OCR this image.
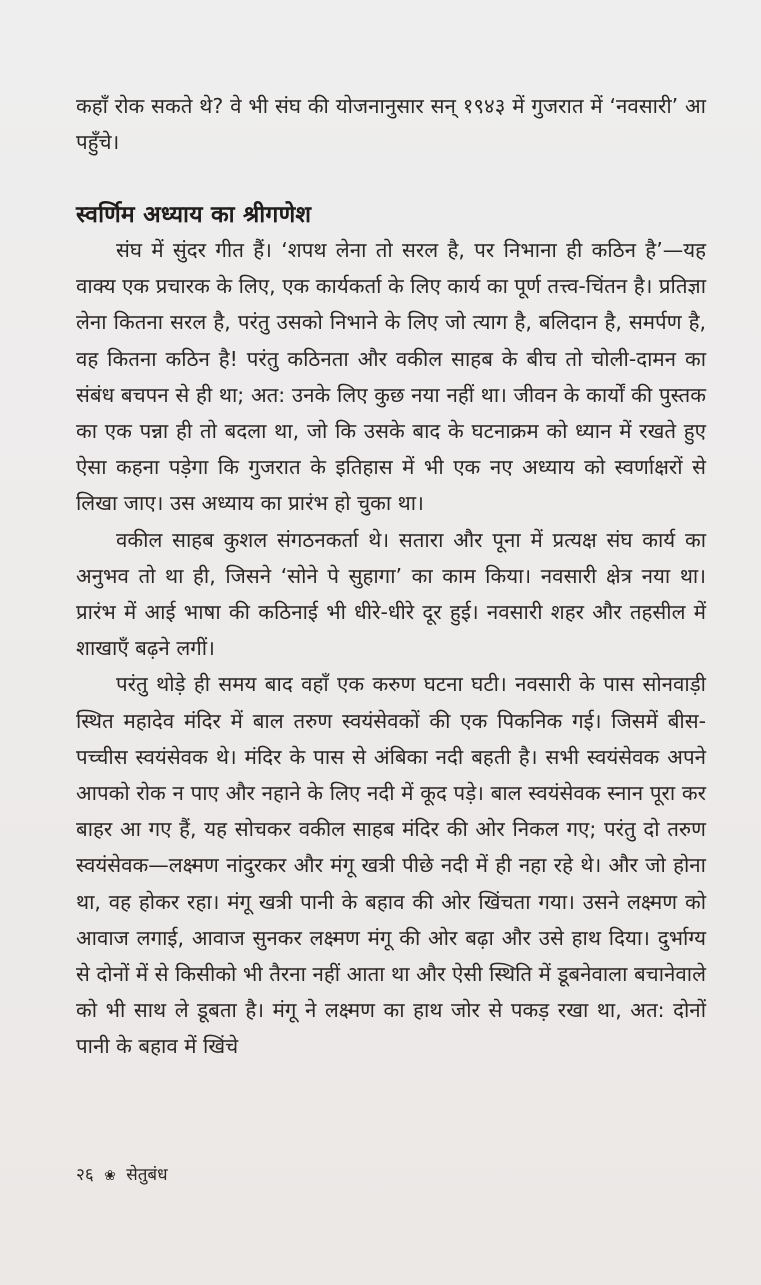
कहाँ रोक सकते थे? वे भी संघ की योजनानुसार सन् १९४३ में गुजरात में ‘नवसारी’ आ पहुँचे।

स्वर्णिम अध्याय का श्रीगणेश

संघ में सुंदर गीत हैं। ‘शपथ लेना तो सरल है, पर निभाना ही कठिन है’—यह वाक्य एक प्रचारक के लिए, एक कार्यकर्ता के लिए कार्य का पूर्ण तत्त्व-चिंतन है। प्रतिज्ञा लेना कितना सरल है, परंतु उसको निभाने के लिए जो त्याग है, बलिदान है, समर्पण है, वह कितना कठिन है! परंतु कठिनता और वकील साहब के बीच तो चोली-दामन का संबंध बचपन से ही था; अत: उनके लिए कुछ नया नहीं था। जीवन के कार्यों की पुस्तक का एक पन्ना ही तो बदला था, जो कि उसके बाद के घटनाक्रम को ध्यान में रखते हुए ऐसा कहना पड़ेगा कि गुजरात के इतिहास में भी एक नए अध्याय को स्वर्णाक्षरों से लिखा जाए। उस अध्याय का प्रारंभ हो चुका था।

वकील साहब कुशल संगठनकर्ता थे। सतारा और पूना में प्रत्यक्ष संघ कार्य का अनुभव तो था ही, जिसने ‘सोने पे सुहागा’ का काम किया। नवसारी क्षेत्र नया था। प्रारंभ में आई भाषा की कठिनाई भी धीरे-धीरे दूर हुई। नवसारी शहर और तहसील में शाखाएँ बढ़ने लगीं।

परंतु थोड़े ही समय बाद वहाँ एक करुण घटना घटी। नवसारी के पास सोनवाड़ी स्थित महादेव मंदिर में बाल तरुण स्वयंसेवकों की एक पिकनिक गई। जिसमें बीस-पच्चीस स्वयंसेवक थे। मंदिर के पास से अंबिका नदी बहती है। सभी स्वयंसेवक अपने आपको रोक न पाए और नहाने के लिए नदी में कूद पड़े। बाल स्वयंसेवक स्नान पूरा कर बाहर आ गए हैं, यह सोचकर वकील साहब मंदिर की ओर निकल गए; परंतु दो तरुण स्वयंसेवक—लक्ष्मण नांदुरकर और मंगू खत्री पीछे नदी में ही नहा रहे थे। और जो होना था, वह होकर रहा। मंगू खत्री पानी के बहाव की ओर खिंचता गया। उसने लक्ष्मण को आवाज लगाई, आवाज सुनकर लक्ष्मण मंगू की ओर बढ़ा और उसे हाथ दिया। दुर्भाग्य से दोनों में से किसीको भी तैरना नहीं आता था और ऐसी स्थिति में डूबनेवाला बचानेवाले को भी साथ ले डूबता है। मंगू ने लक्ष्मण का हाथ जोर से पकड़ रखा था, अत: दोनों पानी के बहाव में खिंचे

२६ ❀ सेतुबंध
